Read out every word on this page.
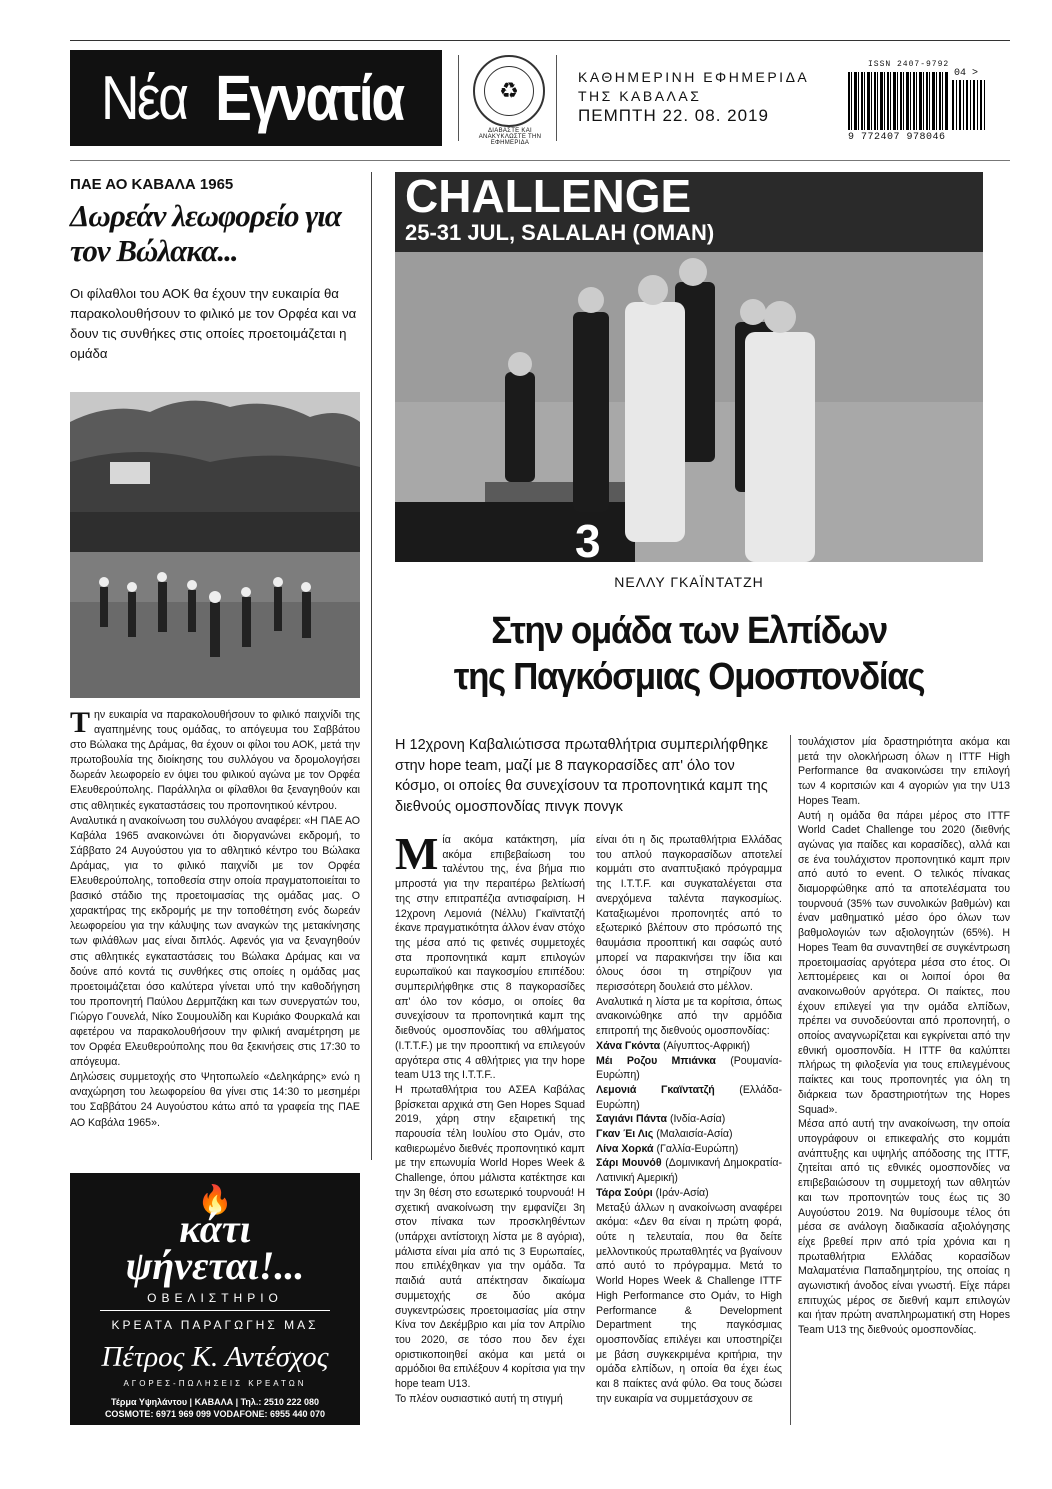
Νέα Εγνατία	♻
ΔΙΑΒΑΣΤΕ ΚΑΙ ΑΝΑΚΥΚΛΩΣΤΕ ΤΗΝ ΕΦΗΜΕΡΙΔΑ
ΚΑΘΗΜΕΡΙΝΗ ΕΦΗΜΕΡΙΔΑ
ΤΗΣ ΚΑΒΑΛΑΣ
ΠΕΜΠΤΗ 22. 08. 2019
ISSN 2407-9792
04 >
9 772407 978046
ΠΑΕ ΑΟ ΚΑΒΑΛΑ 1965
Δωρεάν λεωφορείο για τον Βώλακα...
Οι φίλαθλοι του ΑΟΚ θα έχουν την ευκαιρία θα παρακολουθήσουν το φιλικό με τον Ορφέα και να δουν τις συνθήκες στις οποίες προετοιμάζεται η ομάδα

Την ευκαιρία να παρακολουθήσουν το φιλικό παιχνίδι της αγαπημένης τους ομάδας, το απόγευμα του Σαββάτου στο Βώλακα της Δράμας, θα έχουν οι φίλοι του ΑΟΚ, μετά την πρωτοβουλία της διοίκησης του συλλόγου να δρομολογήσει δωρεάν λεωφορείο εν όψει του φιλικού αγώνα με τον Ορφέα Ελευθερούπολης. Παράλληλα οι φίλαθλοι θα ξεναγηθούν και στις αθλητικές εγκαταστάσεις του προπονητικού κέντρου.

Αναλυτικά η ανακοίνωση του συλλόγου αναφέρει: «Η ΠΑΕ ΑΟ Καβάλα 1965 ανακοινώνει ότι διοργανώνει εκδρομή, το Σάββατο 24 Αυγούστου για το αθλητικό κέντρο του Βώλακα Δράμας, για το φιλικό παιχνίδι με τον Ορφέα Ελευθερούπολης, τοποθεσία στην οποία πραγματοποιείται το βασικό στάδιο της προετοιμασίας της ομάδας μας. Ο χαρακτήρας της εκδρομής με την τοποθέτηση ενός δωρεάν λεωφορείου για την κάλυψης των αναγκών της μετακίνησης των φιλάθλων μας είναι διπλός. Αφενός για να ξεναγηθούν στις αθλητικές εγκαταστάσεις του Βώλακα Δράμας και να δούνε από κοντά τις συνθήκες στις οποίες η ομάδας μας προετοιμάζεται όσο καλύτερα γίνεται υπό την καθοδήγηση του προπονητή Παύλου Δερμιτζάκη και των συνεργατών του, Γιώργο Γουνελά, Νίκο Σουμουλίδη και Κυριάκο Φουρκαλά και αφετέρου να παρακολουθήσουν την φιλική αναμέτρηση με τον Ορφέα Ελευθερούπολης που θα ξεκινήσεις στις 17:30 το απόγευμα.

Δηλώσεις συμμετοχής στο Ψητοπωλείο «Δεληκάρης» ενώ η αναχώρηση του λεωφορείου θα γίνει στις 14:30 το μεσημέρι του Σαββάτου 24 Αυγούστου κάτω από τα γραφεία της ΠΑΕ ΑΟ Καβάλα 1965».

🔥
κάτι
ψήνεται!...
ΟΒΕΛΙΣΤΗΡΙΟ
ΚΡΕΑΤΑ ΠΑΡΑΓΩΓΗΣ ΜΑΣ
Πέτρος Κ. Αντέσχος
ΑΓΟΡΕΣ-ΠΩΛΗΣΕΙΣ ΚΡΕΑΤΩΝ
Τέρμα Υψηλάντου | ΚΑΒΑΛΑ | Τηλ.: 2510 222 080
COSMOTE: 6971 969 099 VODAFONE: 6955 440 070
CHALLENGE
25-31 JUL, SALALAH (OMAN)
3
ΝΕΛΛΥ ΓΚΑΪΝΤΑΤΖΗ
Στην ομάδα των Ελπίδων
της Παγκόσμιας Ομοσπονδίας
Η 12χρονη Καβαλιώτισσα πρωταθλήτρια συμπεριλήφθηκε στην hope team, μαζί με 8 παγκορασίδες απ' όλο τον κόσμο, οι οποίες θα συνεχίσουν τα προπονητικά καμπ της διεθνούς ομοσπονδίας πινγκ πονγκ

Μία ακόμα κατάκτηση, μία ακόμα επιβεβαίωση του ταλέντου της, ένα βήμα πιο μπροστά για την περαιτέρω βελτίωσή της στην επιτραπέζια αντισφαίριση. Η 12χρονη Λεμονιά (Νέλλυ) Γκαϊντατζή έκανε πραγματικότητα άλλον έναν στόχο της μέσα από τις φετινές συμμετοχές στα προπονητικά καμπ επιλογών ευρωπαϊκού και παγκοσμίου επιπέδου: συμπεριλήφθηκε στις 8 παγκορασίδες απ' όλο τον κόσμο, οι οποίες θα συνεχίσουν τα προπονητικά καμπ της διεθνούς ομοσπονδίας του αθλήματος (I.T.T.F.) με την προοπτική να επιλεγούν αργότερα στις 4 αθλήτριες για την hope team U13 της I.T.T.F..

Η πρωταθλήτρια του ΑΣΕΑ Καβάλας βρίσκεται αρχικά στη Gen Hopes Squad 2019, χάρη στην εξαιρετική της παρουσία τέλη Ιουλίου στο Ομάν, στο καθιερωμένο διεθνές προπονητικό καμπ με την επωνυμία World Hopes Week & Challenge, όπου μάλιστα κατέκτησε και την 3η θέση στο εσωτερικό τουρνουά! Η σχετική ανακοίνωση την εμφανίζει 3η στον πίνακα των προσκληθέντων (υπάρχει αντίστοιχη λίστα με 8 αγόρια), μάλιστα είναι μία από τις 3 Ευρωπαίες, που επιλέχθηκαν για την ομάδα. Τα παιδιά αυτά απέκτησαν δικαίωμα συμμετοχής σε δύο ακόμα συγκεντρώσεις προετοιμασίας μία στην Κίνα τον Δεκέμβριο και μία τον Απρίλιο του 2020, σε τόσο που δεν έχει οριστικοποιηθεί ακόμα και μετά οι αρμόδιοι θα επιλέξουν 4 κορίτσια για την hope team U13.

Το πλέον ουσιαστικό αυτή τη στιγμή

είναι ότι η δις πρωταθλήτρια Ελλάδας του απλού παγκορασίδων αποτελεί κομμάτι στο αναπτυξιακό πρόγραμμα της I.T.T.F. και συγκαταλέγεται στα ανερχόμενα ταλέντα παγκοσμίως. Καταξιωμένοι προπονητές από το εξωτερικό βλέπουν στο πρόσωπό της θαυμάσια προοπτική και σαφώς αυτό μπορεί να παρακινήσει την ίδια και όλους όσοι τη στηρίζουν για περισσότερη δουλειά στο μέλλον.

Αναλυτικά η λίστα με τα κορίτσια, όπως ανακοινώθηκε από την αρμόδια επιτροπή της διεθνούς ομοσπονδίας:

Χάνα Γκόντα (Αίγυπτος-Αφρική)

Μέι Ροζου Μπιάνκα (Ρουμανία-Ευρώπη)

Λεμονιά Γκαϊντατζή (Ελλάδα-Ευρώπη)

Σαγιάνι Πάντα (Ινδία-Ασία)

Γκαν Έι Λις (Μαλαισία-Ασία)

Λίνα Χορκά (Γαλλία-Ευρώπη)

Σάρι Μουνόθ (Δομινικανή Δημοκρατία-Λατινική Αμερική)

Τάρα Σούρι (Ιράν-Ασία)

Μεταξύ άλλων η ανακοίνωση αναφέρει ακόμα: «Δεν θα είναι η πρώτη φορά, ούτε η τελευταία, που θα δείτε μελλοντικούς πρωταθλητές να βγαίνουν από αυτό το πρόγραμμα. Μετά το World Hopes Week & Challenge ITTF High Performance στο Ομάν, το High Performance & Development Department της παγκόσμιας ομοσπονδίας επιλέγει και υποστηρίζει με βάση συγκεκριμένα κριτήρια, την ομάδα ελπίδων, η οποία θα έχει έως και 8 παίκτες ανά φύλο. Θα τους δώσει την ευκαιρία να συμμετάσχουν σε

τουλάχιστον μία δραστηριότητα ακόμα και μετά την ολοκλήρωση όλων η ITTF High Performance θα ανακοινώσει την επιλογή των 4 κοριτσιών και 4 αγοριών για την U13 Hopes Team.

Αυτή η ομάδα θα πάρει μέρος στο ITTF World Cadet Challenge του 2020 (διεθνής αγώνας για παίδες και κορασίδες), αλλά και σε ένα τουλάχιστον προπονητικό καμπ πριν από αυτό το event. Ο τελικός πίνακας διαμορφώθηκε από τα αποτελέσματα του τουρνουά (35% των συνολικών βαθμών) και έναν μαθηματικό μέσο όρο όλων των βαθμολογιών των αξιολογητών (65%). Η Hopes Team θα συναντηθεί σε συγκέντρωση προετοιμασίας αργότερα μέσα στο έτος. Οι λεπτομέρειες και οι λοιποί όροι θα ανακοινωθούν αργότερα. Οι παίκτες, που έχουν επιλεγεί για την ομάδα ελπίδων, πρέπει να συνοδεύονται από προπονητή, ο οποίος αναγνωρίζεται και εγκρίνεται από την εθνική ομοσπονδία. Η ITTF θα καλύπτει πλήρως τη φιλοξενία για τους επιλεγμένους παίκτες και τους προπονητές για όλη τη διάρκεια των δραστηριοτήτων της Hopes Squad».

Μέσα από αυτή την ανακοίνωση, την οποία υπογράφουν οι επικεφαλής στο κομμάτι ανάπτυξης και υψηλής απόδοσης της ITTF, ζητείται από τις εθνικές ομοσπονδίες να επιβεβαιώσουν τη συμμετοχή των αθλητών και των προπονητών τους έως τις 30 Αυγούστου 2019. Να θυμίσουμε τέλος ότι μέσα σε ανάλογη διαδικασία αξιολόγησης είχε βρεθεί πριν από τρία χρόνια και η πρωταθλήτρια Ελλάδας κορασίδων Μαλαματένια Παπαδημητρίου, της οποίας η αγωνιστική άνοδος είναι γνωστή. Είχε πάρει επιτυχώς μέρος σε διεθνή καμπ επιλογών και ήταν πρώτη αναπληρωματική στη Hopes Team U13 της διεθνούς ομοσπονδίας.
